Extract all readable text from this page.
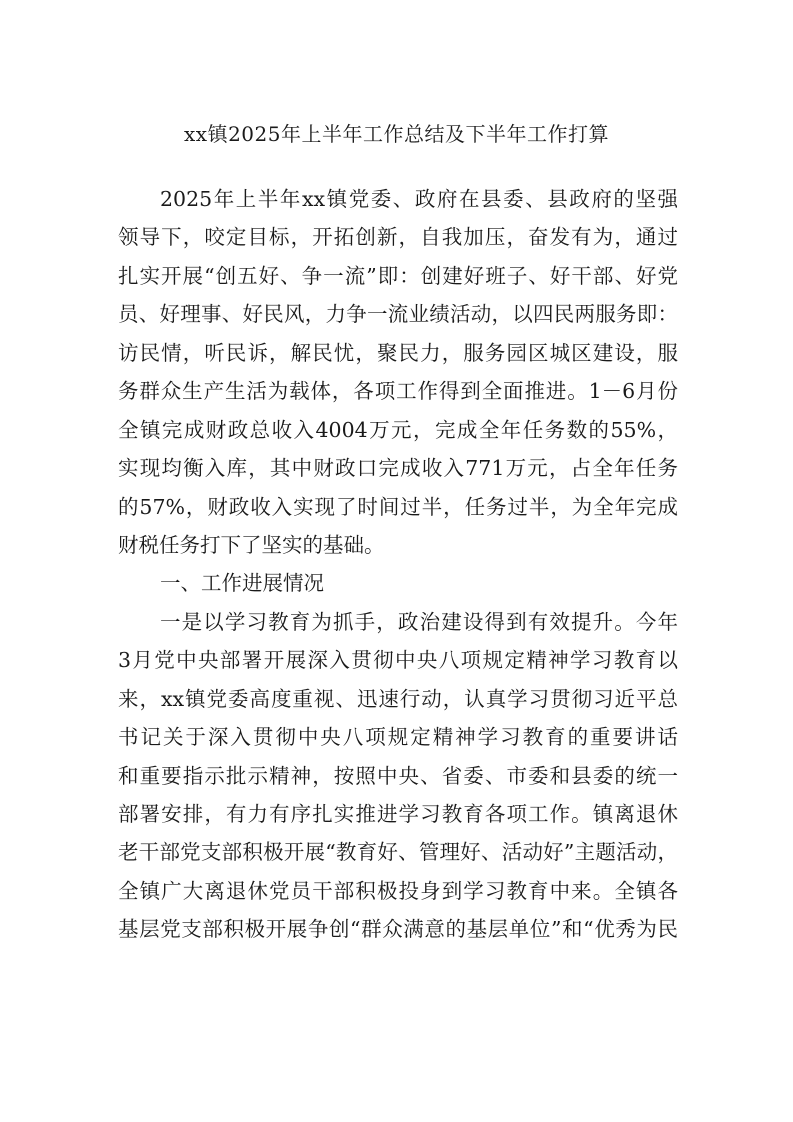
xx镇2025年上半年工作总结及下半年工作打算
2025年上半年xx镇党委、政府在县委、县政府的坚强
领导下，咬定目标，开拓创新，自我加压，奋发有为，通过
扎实开展“创五好、争一流”即：创建好班子、好干部、好党
员、好理事、好民风，力争一流业绩活动，以四民两服务即：
访民情，听民诉，解民忧，聚民力，服务园区城区建设，服
务群众生产生活为载体，各项工作得到全面推进。1－6月份
全镇完成财政总收入4004万元，完成全年任务数的55%，
实现均衡入库，其中财政口完成收入771万元，占全年任务
的57%，财政收入实现了时间过半，任务过半，为全年完成
财税任务打下了坚实的基础。
一、工作进展情况
一是以学习教育为抓手，政治建设得到有效提升。今年
3月党中央部署开展深入贯彻中央八项规定精神学习教育以
来，xx镇党委高度重视、迅速行动，认真学习贯彻习近平总
书记关于深入贯彻中央八项规定精神学习教育的重要讲话
和重要指示批示精神，按照中央、省委、市委和县委的统一
部署安排，有力有序扎实推进学习教育各项工作。镇离退休
老干部党支部积极开展“教育好、管理好、活动好”主题活动，
全镇广大离退休党员干部积极投身到学习教育中来。全镇各
基层党支部积极开展争创“群众满意的基层单位”和“优秀为民
